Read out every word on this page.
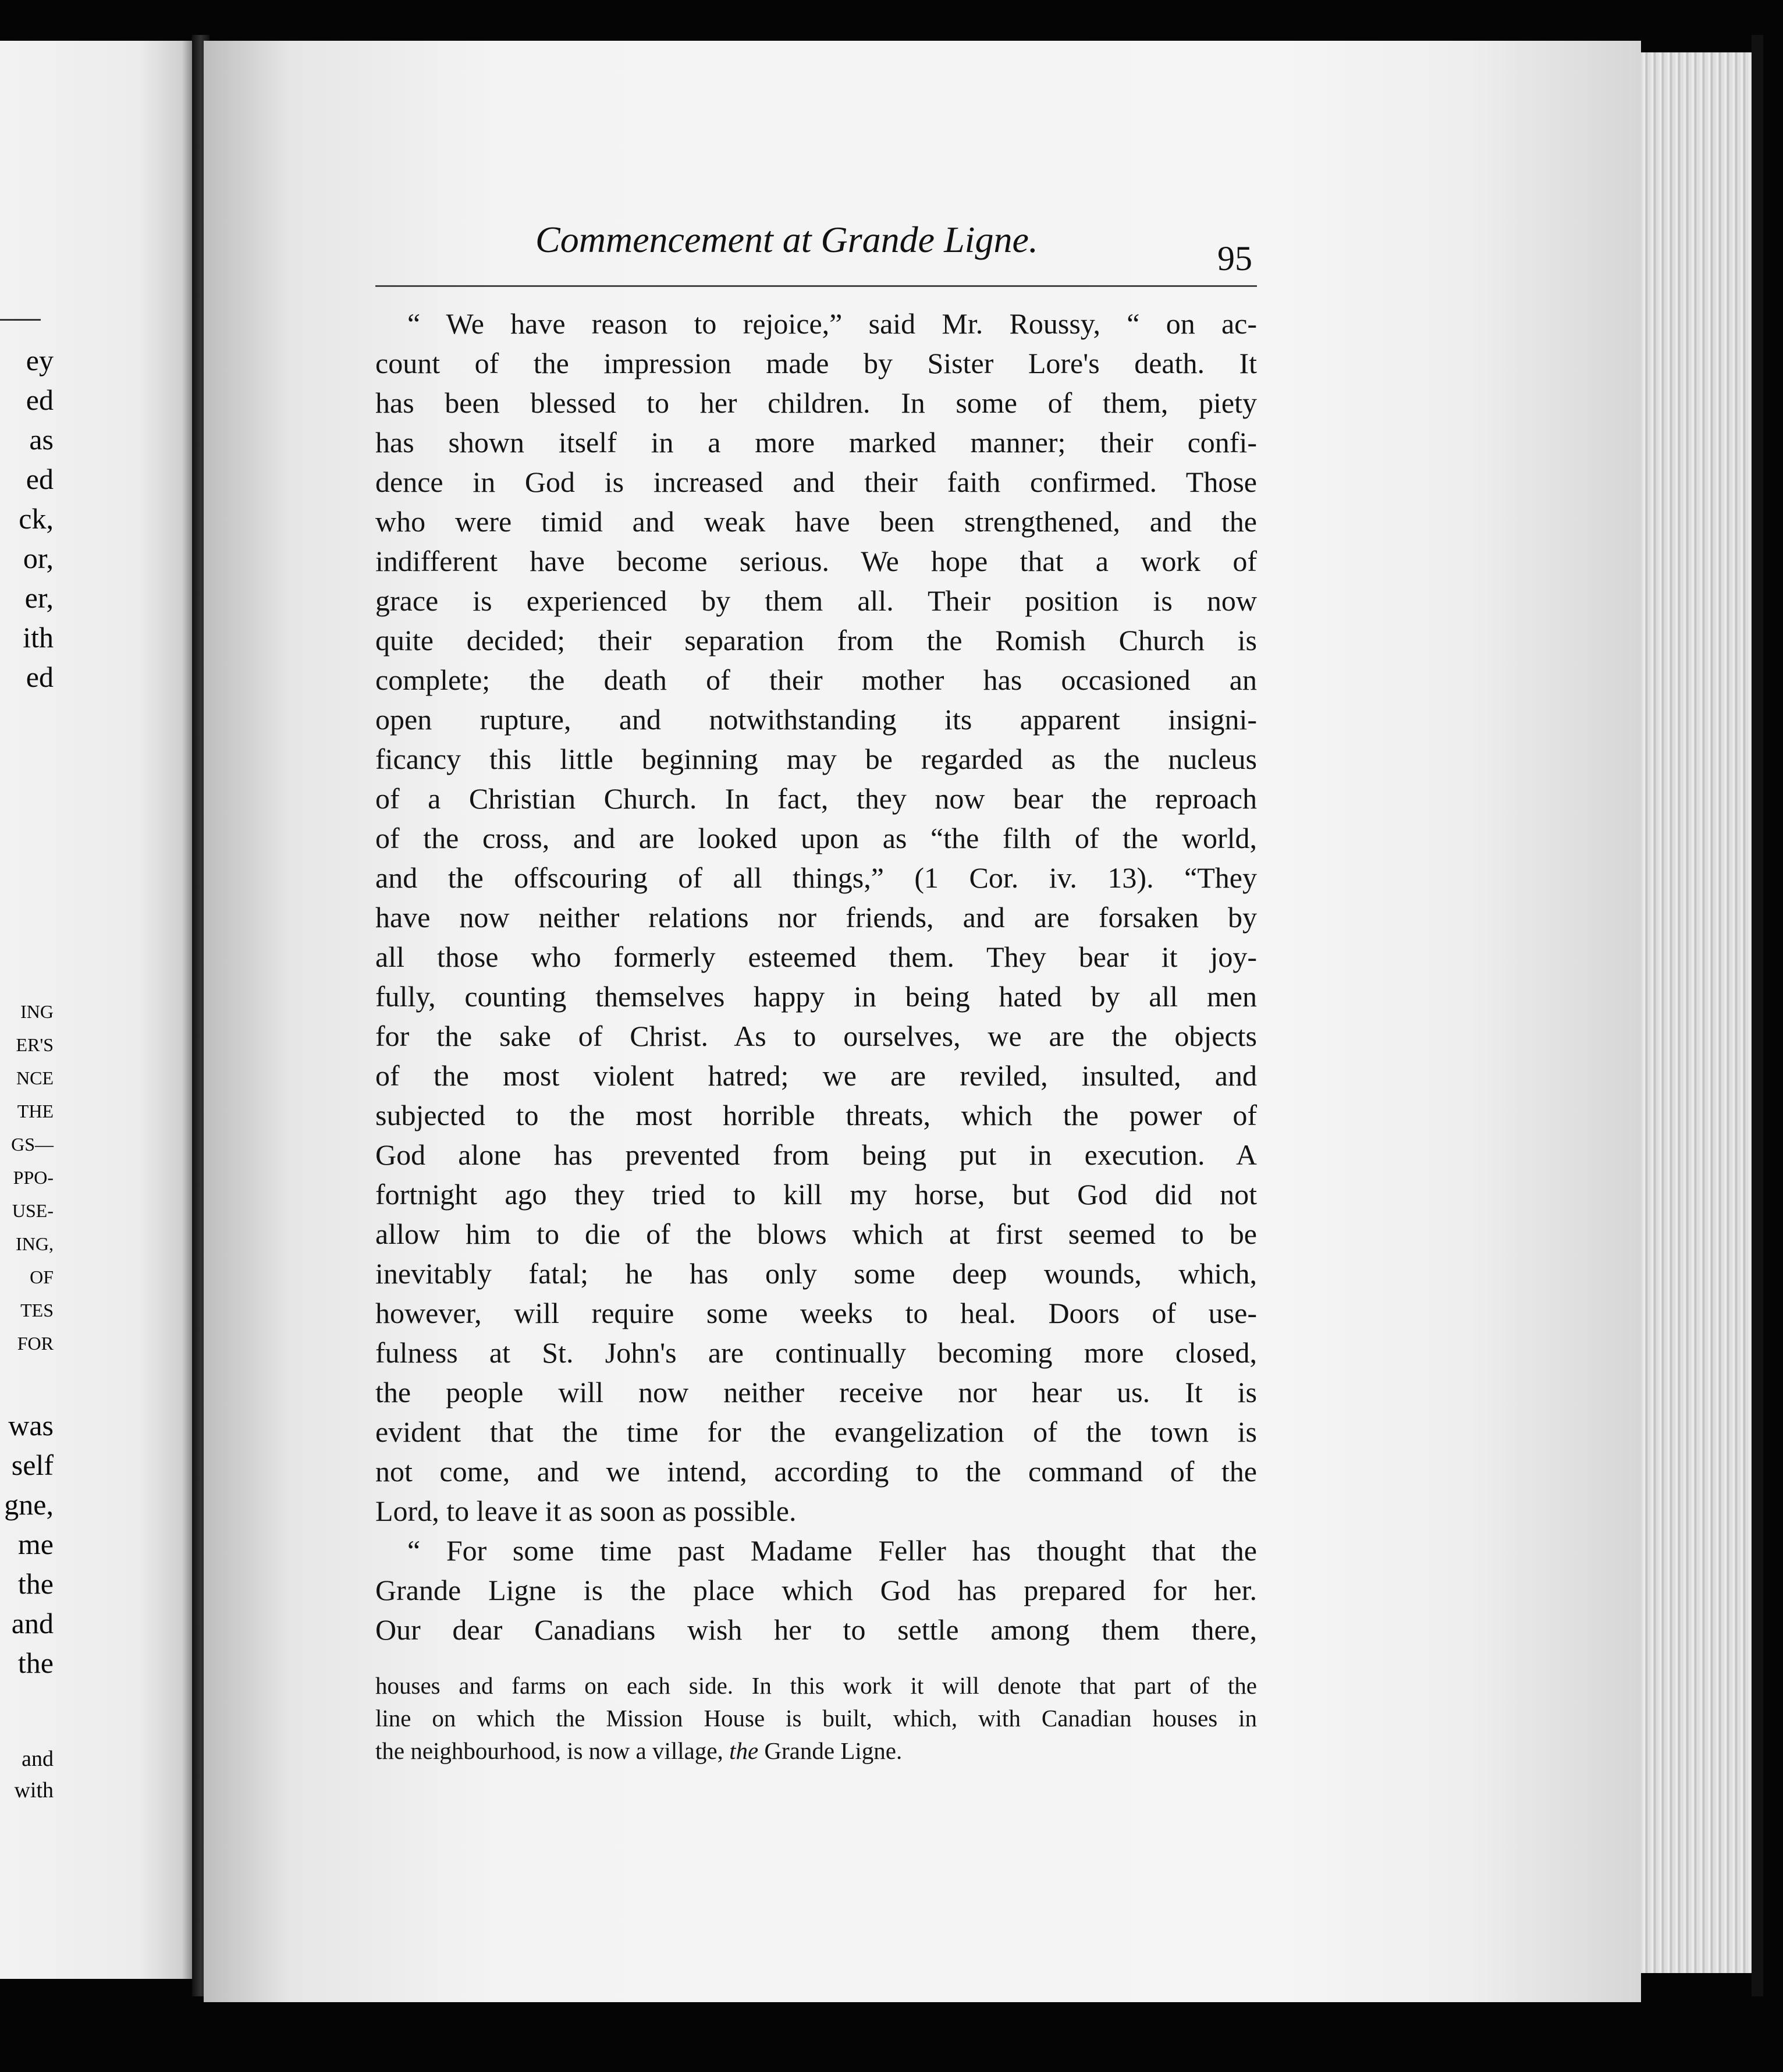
ey
ed
as
ed
ck,
or,
er,
ith
ed
ING
ER'S
NCE
THE
GS—
PPO-
USE-
ING,
OF
TES
FOR
was
self
gne,
me
the
and
the
and
with
Commencement at Grande Ligne.	95
“ We have reason to rejoice,” said Mr. Roussy, “ on ac-
count of the impression made by Sister Lore's death. It
has been blessed to her children. In some of them, piety
has shown itself in a more marked manner; their confi-
dence in God is increased and their faith confirmed. Those
who were timid and weak have been strengthened, and the
indifferent have become serious. We hope that a work of
grace is experienced by them all. Their position is now
quite decided; their separation from the Romish Church is
complete; the death of their mother has occasioned an
open rupture, and notwithstanding its apparent insigni-
ficancy this little beginning may be regarded as the nucleus
of a Christian Church. In fact, they now bear the reproach
of the cross, and are looked upon as “the filth of the world,
and the offscouring of all things,” (1 Cor. iv. 13). “They
have now neither relations nor friends, and are forsaken by
all those who formerly esteemed them. They bear it joy-
fully, counting themselves happy in being hated by all men
for the sake of Christ. As to ourselves, we are the objects
of the most violent hatred; we are reviled, insulted, and
subjected to the most horrible threats, which the power of
God alone has prevented from being put in execution. A
fortnight ago they tried to kill my horse, but God did not
allow him to die of the blows which at first seemed to be
inevitably fatal; he has only some deep wounds, which,
however, will require some weeks to heal. Doors of use-
fulness at St. John's are continually becoming more closed,
the people will now neither receive nor hear us. It is
evident that the time for the evangelization of the town is
not come, and we intend, according to the command of the
Lord, to leave it as soon as possible.
“ For some time past Madame Feller has thought that the
Grande Ligne is the place which God has prepared for her.
Our dear Canadians wish her to settle among them there,
houses and farms on each side. In this work it will denote that part of the
line on which the Mission House is built, which, with Canadian houses in
the neighbourhood, is now a village, the Grande Ligne.
